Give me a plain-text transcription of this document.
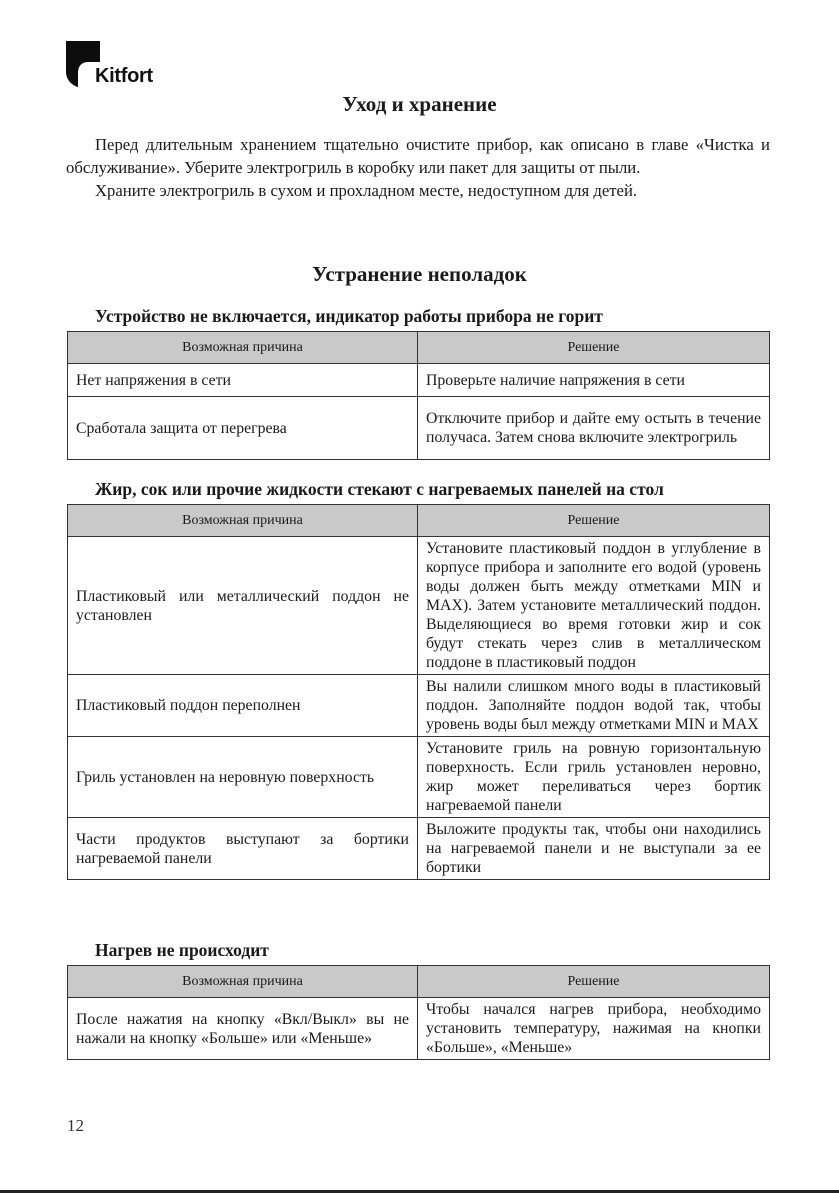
Kitfort
Уход и хранение

Перед длительным хранением тщательно очистите прибор, как описано в главе «Чистка и обслуживание». Уберите электрогриль в коробку или пакет для защиты от пыли.

Храните электрогриль в сухом и прохладном месте, недоступном для детей.

Устранение неполадок
Устройство не включается, индикатор работы прибора не горит
Возможная причина	Решение
Нет напряжения в сети	Проверьте наличие напряжения в сети
Сработала защита от перегрева	Отключите прибор и дайте ему остыть в течение получаса. Затем снова включите электрогриль
Жир, сок или прочие жидкости стекают с нагреваемых панелей на стол
Возможная причина	Решение
Пластиковый или металлический поддон не установлен	Установите пластиковый поддон в углубление в корпусе прибора и заполните его водой (уровень воды должен быть между отметками MIN и MAX). Затем установите металлический поддон. Выделяющиеся во время готовки жир и сок будут стекать через слив в металлическом поддоне в пластиковый поддон
Пластиковый поддон переполнен	Вы налили слишком много воды в пластиковый поддон. Заполняйте поддон водой так, чтобы уровень воды был между отметками MIN и MAX
Гриль установлен на неровную поверхность	Установите гриль на ровную горизонтальную поверхность. Если гриль установлен неровно, жир может переливаться через бортик нагреваемой панели
Части продуктов выступают за бортики нагреваемой панели	Выложите продукты так, чтобы они находились на нагреваемой панели и не выступали за ее бортики
Нагрев не происходит
Возможная причина	Решение
После нажатия на кнопку «Вкл/Выкл» вы не нажали на кнопку «Больше» или «Меньше»	Чтобы начался нагрев прибора, необходимо установить температуру, нажимая на кнопки «Больше», «Меньше»
12
